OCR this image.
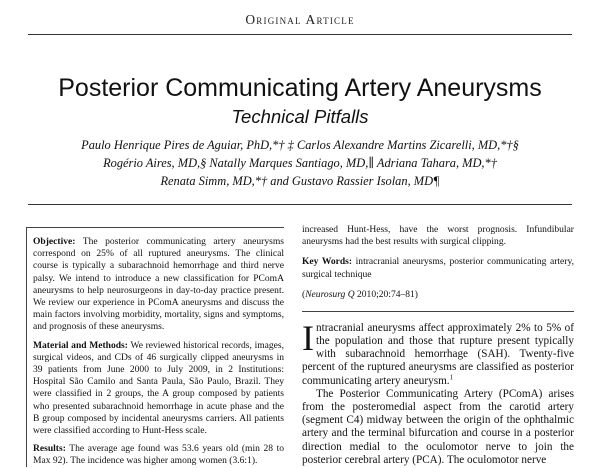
Original Article
Posterior Communicating Artery Aneurysms
Technical Pitfalls
Paulo Henrique Pires de Aguiar, PhD,*† ‡ Carlos Alexandre Martins Zicarelli, MD,*†§
Rogério Aires, MD,§ Natally Marques Santiago, MD,∥ Adriana Tahara, MD,*†
Renata Simm, MD,*† and Gustavo Rassier Isolan, MD¶

Objective: The posterior communicating artery aneurysms correspond on 25% of all ruptured aneurysms. The clinical course is typically a subarachnoid hemorrhage and third nerve palsy. We intend to introduce a new classification for PComA aneurysms to help neurosurgeons in day-to-day practice present. We review our experience in PComA aneurysms and discuss the main factors involving morbidity, mortality, signs and symptoms, and prognosis of these aneurysms.

Material and Methods: We reviewed historical records, images, surgical videos, and CDs of 46 surgically clipped aneurysms in 39 patients from June 2000 to July 2009, in 2 Institutions: Hospital São Camilo and Santa Paula, São Paulo, Brazil. They were classified in 2 groups, the A group composed by patients who presented subarachnoid hemorrhage in acute phase and the B group composed by incidental aneurysms carriers. All patients were classified according to Hunt-Hess scale.

Results: The average age found was 53.6 years old (min 28 to Max 92). The incidence was higher among women (3.6:1).

increased Hunt-Hess, have the worst prognosis. Infundibular aneurysms had the best results with surgical clipping.

Key Words: intracranial aneurysms, posterior communicating artery, surgical technique

(Neurosurg Q 2010;20:74–81)

Intracranial aneurysms affect approximately 2% to 5% of the population and those that rupture present typically with subarachnoid hemorrhage (SAH). Twenty-five percent of the ruptured aneurysms are classified as posterior communicating artery aneurysm.$^1$

The Posterior Communicating Artery (PComA) arises from the posteromedial aspect from the carotid artery (segment C4) midway between the origin of the ophthalmic artery and the terminal bifurcation and course in a posterior direction medial to the oculomotor nerve to join the posterior cerebral artery (PCA). The oculomotor nerve
